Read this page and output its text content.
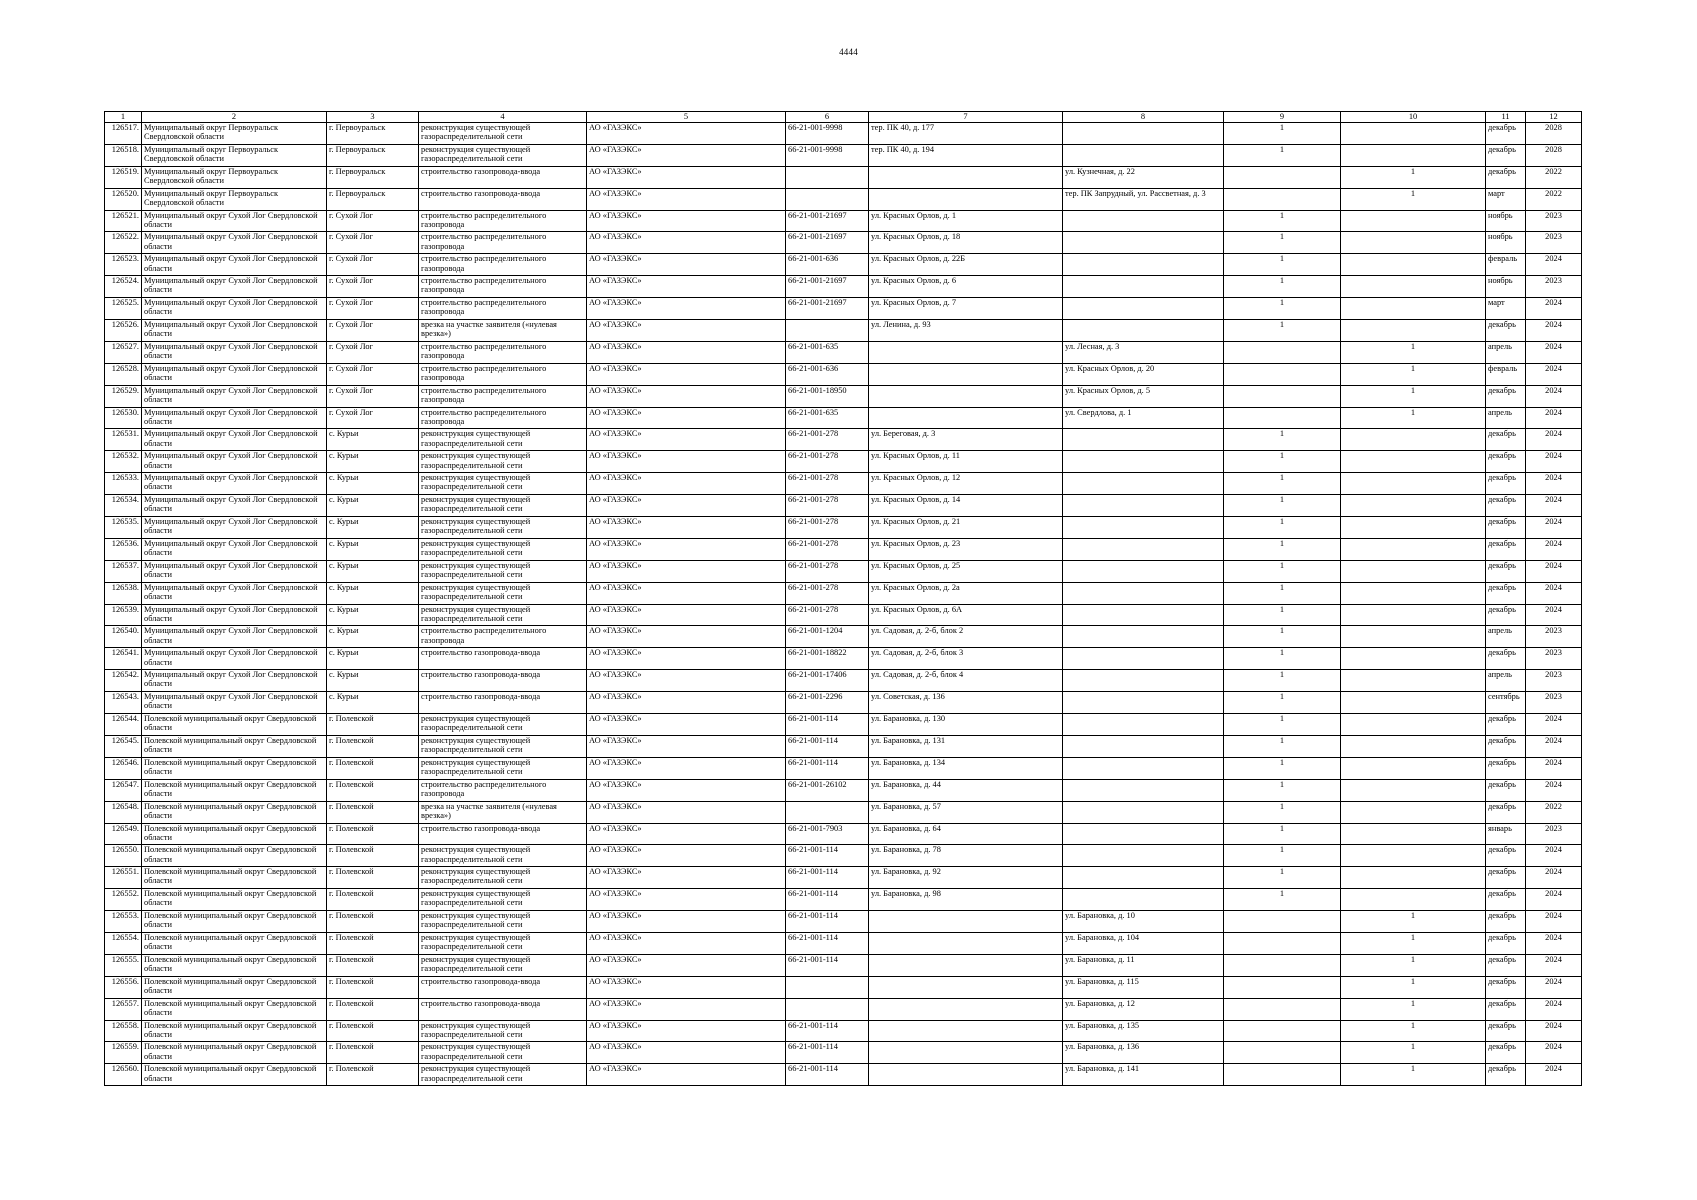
4444
1	2	3	4	5	6	7	8	9	10	11	12
126517.	Муниципальный округ Первоуральск Свердловской области	г. Первоуральск	реконструкция существующей газораспределительной сети	АО «ГАЗЭКС»	66-21-001-9998	тер. ПК 40, д. 177		1		декабрь	2028
126518.	Муниципальный округ Первоуральск Свердловской области	г. Первоуральск	реконструкция существующей газораспределительной сети	АО «ГАЗЭКС»	66-21-001-9998	тер. ПК 40, д. 194		1		декабрь	2028
126519.	Муниципальный округ Первоуральск Свердловской области	г. Первоуральск	строительство газопровода-ввода	АО «ГАЗЭКС»			ул. Кузнечная, д. 22		1	декабрь	2022
126520.	Муниципальный округ Первоуральск Свердловской области	г. Первоуральск	строительство газопровода-ввода	АО «ГАЗЭКС»			тер. ПК Запрудный, ул. Рассветная, д. 3		1	март	2022
126521.	Муниципальный округ Сухой Лог Свердловской области	г. Сухой Лог	строительство распределительного газопровода	АО «ГАЗЭКС»	66-21-001-21697	ул. Красных Орлов, д. 1		1		ноябрь	2023
126522.	Муниципальный округ Сухой Лог Свердловской области	г. Сухой Лог	строительство распределительного газопровода	АО «ГАЗЭКС»	66-21-001-21697	ул. Красных Орлов, д. 18		1		ноябрь	2023
126523.	Муниципальный округ Сухой Лог Свердловской области	г. Сухой Лог	строительство распределительного газопровода	АО «ГАЗЭКС»	66-21-001-636	ул. Красных Орлов, д. 22Б		1		февраль	2024
126524.	Муниципальный округ Сухой Лог Свердловской области	г. Сухой Лог	строительство распределительного газопровода	АО «ГАЗЭКС»	66-21-001-21697	ул. Красных Орлов, д. 6		1		ноябрь	2023
126525.	Муниципальный округ Сухой Лог Свердловской области	г. Сухой Лог	строительство распределительного газопровода	АО «ГАЗЭКС»	66-21-001-21697	ул. Красных Орлов, д. 7		1		март	2024
126526.	Муниципальный округ Сухой Лог Свердловской области	г. Сухой Лог	врезка на участке заявителя («нулевая врезка»)	АО «ГАЗЭКС»		ул. Ленина, д. 93		1		декабрь	2024
126527.	Муниципальный округ Сухой Лог Свердловской области	г. Сухой Лог	строительство распределительного газопровода	АО «ГАЗЭКС»	66-21-001-635		ул. Лесная, д. 3		1	апрель	2024
126528.	Муниципальный округ Сухой Лог Свердловской области	г. Сухой Лог	строительство распределительного газопровода	АО «ГАЗЭКС»	66-21-001-636		ул. Красных Орлов, д. 20		1	февраль	2024
126529.	Муниципальный округ Сухой Лог Свердловской области	г. Сухой Лог	строительство распределительного газопровода	АО «ГАЗЭКС»	66-21-001-18950		ул. Красных Орлов, д. 5		1	декабрь	2024
126530.	Муниципальный округ Сухой Лог Свердловской области	г. Сухой Лог	строительство распределительного газопровода	АО «ГАЗЭКС»	66-21-001-635		ул. Свердлова, д. 1		1	апрель	2024
126531.	Муниципальный округ Сухой Лог Свердловской области	с. Курьи	реконструкция существующей газораспределительной сети	АО «ГАЗЭКС»	66-21-001-278	ул. Береговая, д. 3		1		декабрь	2024
126532.	Муниципальный округ Сухой Лог Свердловской области	с. Курьи	реконструкция существующей газораспределительной сети	АО «ГАЗЭКС»	66-21-001-278	ул. Красных Орлов, д. 11		1		декабрь	2024
126533.	Муниципальный округ Сухой Лог Свердловской области	с. Курьи	реконструкция существующей газораспределительной сети	АО «ГАЗЭКС»	66-21-001-278	ул. Красных Орлов, д. 12		1		декабрь	2024
126534.	Муниципальный округ Сухой Лог Свердловской области	с. Курьи	реконструкция существующей газораспределительной сети	АО «ГАЗЭКС»	66-21-001-278	ул. Красных Орлов, д. 14		1		декабрь	2024
126535.	Муниципальный округ Сухой Лог Свердловской области	с. Курьи	реконструкция существующей газораспределительной сети	АО «ГАЗЭКС»	66-21-001-278	ул. Красных Орлов, д. 21		1		декабрь	2024
126536.	Муниципальный округ Сухой Лог Свердловской области	с. Курьи	реконструкция существующей газораспределительной сети	АО «ГАЗЭКС»	66-21-001-278	ул. Красных Орлов, д. 23		1		декабрь	2024
126537.	Муниципальный округ Сухой Лог Свердловской области	с. Курьи	реконструкция существующей газораспределительной сети	АО «ГАЗЭКС»	66-21-001-278	ул. Красных Орлов, д. 25		1		декабрь	2024
126538.	Муниципальный округ Сухой Лог Свердловской области	с. Курьи	реконструкция существующей газораспределительной сети	АО «ГАЗЭКС»	66-21-001-278	ул. Красных Орлов, д. 2а		1		декабрь	2024
126539.	Муниципальный округ Сухой Лог Свердловской области	с. Курьи	реконструкция существующей газораспределительной сети	АО «ГАЗЭКС»	66-21-001-278	ул. Красных Орлов, д. 6А		1		декабрь	2024
126540.	Муниципальный округ Сухой Лог Свердловской области	с. Курьи	строительство распределительного газопровода	АО «ГАЗЭКС»	66-21-001-1204	ул. Садовая, д. 2-б, блок 2		1		апрель	2023
126541.	Муниципальный округ Сухой Лог Свердловской области	с. Курьи	строительство газопровода-ввода	АО «ГАЗЭКС»	66-21-001-18822	ул. Садовая, д. 2-б, блок 3		1		декабрь	2023
126542.	Муниципальный округ Сухой Лог Свердловской области	с. Курьи	строительство газопровода-ввода	АО «ГАЗЭКС»	66-21-001-17406	ул. Садовая, д. 2-б, блок 4		1		апрель	2023
126543.	Муниципальный округ Сухой Лог Свердловской области	с. Курьи	строительство газопровода-ввода	АО «ГАЗЭКС»	66-21-001-2296	ул. Советская, д. 136		1		сентябрь	2023
126544.	Полевской муниципальный округ Свердловской области	г. Полевской	реконструкция существующей газораспределительной сети	АО «ГАЗЭКС»	66-21-001-114	ул. Барановка, д. 130		1		декабрь	2024
126545.	Полевской муниципальный округ Свердловской области	г. Полевской	реконструкция существующей газораспределительной сети	АО «ГАЗЭКС»	66-21-001-114	ул. Барановка, д. 131		1		декабрь	2024
126546.	Полевской муниципальный округ Свердловской области	г. Полевской	реконструкция существующей газораспределительной сети	АО «ГАЗЭКС»	66-21-001-114	ул. Барановка, д. 134		1		декабрь	2024
126547.	Полевской муниципальный округ Свердловской области	г. Полевской	строительство распределительного газопровода	АО «ГАЗЭКС»	66-21-001-26102	ул. Барановка, д. 44		1		декабрь	2024
126548.	Полевской муниципальный округ Свердловской области	г. Полевской	врезка на участке заявителя («нулевая врезка»)	АО «ГАЗЭКС»		ул. Барановка, д. 57		1		декабрь	2022
126549.	Полевской муниципальный округ Свердловской области	г. Полевской	строительство газопровода-ввода	АО «ГАЗЭКС»	66-21-001-7903	ул. Барановка, д. 64		1		январь	2023
126550.	Полевской муниципальный округ Свердловской области	г. Полевской	реконструкция существующей газораспределительной сети	АО «ГАЗЭКС»	66-21-001-114	ул. Барановка, д. 78		1		декабрь	2024
126551.	Полевской муниципальный округ Свердловской области	г. Полевской	реконструкция существующей газораспределительной сети	АО «ГАЗЭКС»	66-21-001-114	ул. Барановка, д. 92		1		декабрь	2024
126552.	Полевской муниципальный округ Свердловской области	г. Полевской	реконструкция существующей газораспределительной сети	АО «ГАЗЭКС»	66-21-001-114	ул. Барановка, д. 98		1		декабрь	2024
126553.	Полевской муниципальный округ Свердловской области	г. Полевской	реконструкция существующей газораспределительной сети	АО «ГАЗЭКС»	66-21-001-114		ул. Барановка, д. 10		1	декабрь	2024
126554.	Полевской муниципальный округ Свердловской области	г. Полевской	реконструкция существующей газораспределительной сети	АО «ГАЗЭКС»	66-21-001-114		ул. Барановка, д. 104		1	декабрь	2024
126555.	Полевской муниципальный округ Свердловской области	г. Полевской	реконструкция существующей газораспределительной сети	АО «ГАЗЭКС»	66-21-001-114		ул. Барановка, д. 11		1	декабрь	2024
126556.	Полевской муниципальный округ Свердловской области	г. Полевской	строительство газопровода-ввода	АО «ГАЗЭКС»			ул. Барановка, д. 115		1	декабрь	2024
126557.	Полевской муниципальный округ Свердловской области	г. Полевской	строительство газопровода-ввода	АО «ГАЗЭКС»			ул. Барановка, д. 12		1	декабрь	2024
126558.	Полевской муниципальный округ Свердловской области	г. Полевской	реконструкция существующей газораспределительной сети	АО «ГАЗЭКС»	66-21-001-114		ул. Барановка, д. 135		1	декабрь	2024
126559.	Полевской муниципальный округ Свердловской области	г. Полевской	реконструкция существующей газораспределительной сети	АО «ГАЗЭКС»	66-21-001-114		ул. Барановка, д. 136		1	декабрь	2024
126560.	Полевской муниципальный округ Свердловской области	г. Полевской	реконструкция существующей газораспределительной сети	АО «ГАЗЭКС»	66-21-001-114		ул. Барановка, д. 141		1	декабрь	2024
